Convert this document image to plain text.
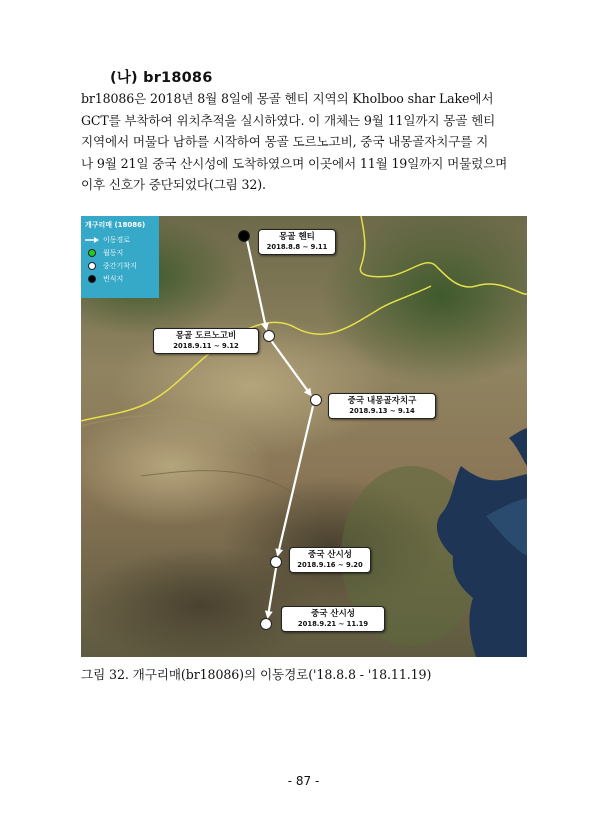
(나) br18086

br18086은 2018년 8월 8일에 몽골 헨티 지역의 Kholboo shar Lake에서
GCT를 부착하여 위치추적을 실시하였다. 이 개체는 9월 11일까지 몽골 헨티
지역에서 머물다 남하를 시작하여 몽골 도르노고비, 중국 내몽골자치구를 지
나 9월 21일 중국 산시성에 도착하였으며 이곳에서 11월 19일까지 머물렀으며
이후 신호가 중단되었다(그림 32).

몽골 헨티
2018.8.8 ~ 9.11
몽골 도르노고비
2018.9.11 ~ 9.12
중국 내몽골자치구
2018.9.13 ~ 9.14
중국 산시성
2018.9.16 ~ 9.20
중국 산시성
2018.9.21 ~ 11.19
개구리매 (18086)
이동경로
월동지
중간기착지
번식지
그림 32. 개구리매(br18086)의 이동경로('18.8.8 - '18.11.19)
- 87 -
